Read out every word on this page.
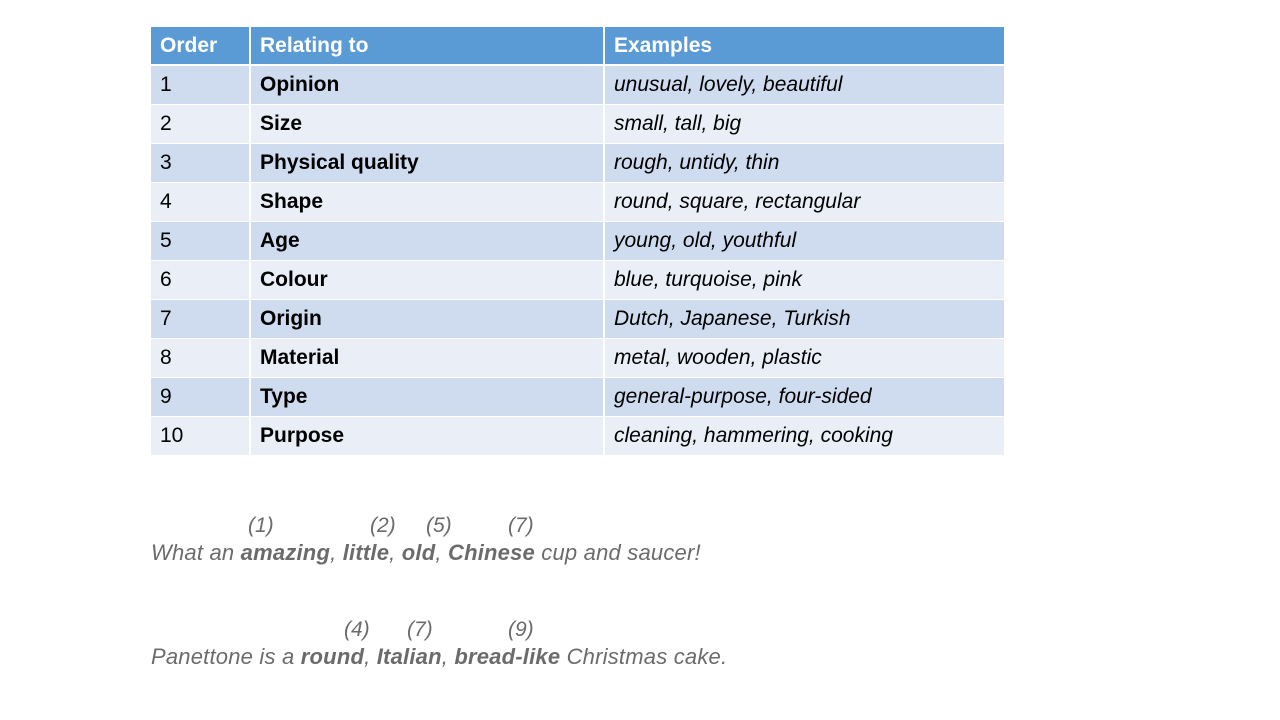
Order	Relating to	Examples
1	Opinion	unusual, lovely, beautiful
2	Size	small, tall, big
3	Physical quality	rough, untidy, thin
4	Shape	round, square, rectangular
5	Age	young, old, youthful
6	Colour	blue, turquoise, pink
7	Origin	Dutch, Japanese, Turkish
8	Material	metal, wooden, plastic
9	Type	general-purpose, four-sided
10	Purpose	cleaning, hammering, cooking
(1)	(2) (5)	(7)
What an amazing, little, old, Chinese cup and saucer!
(4) (7)	(9)
Panettone is a round, Italian, bread-like Christmas cake.
